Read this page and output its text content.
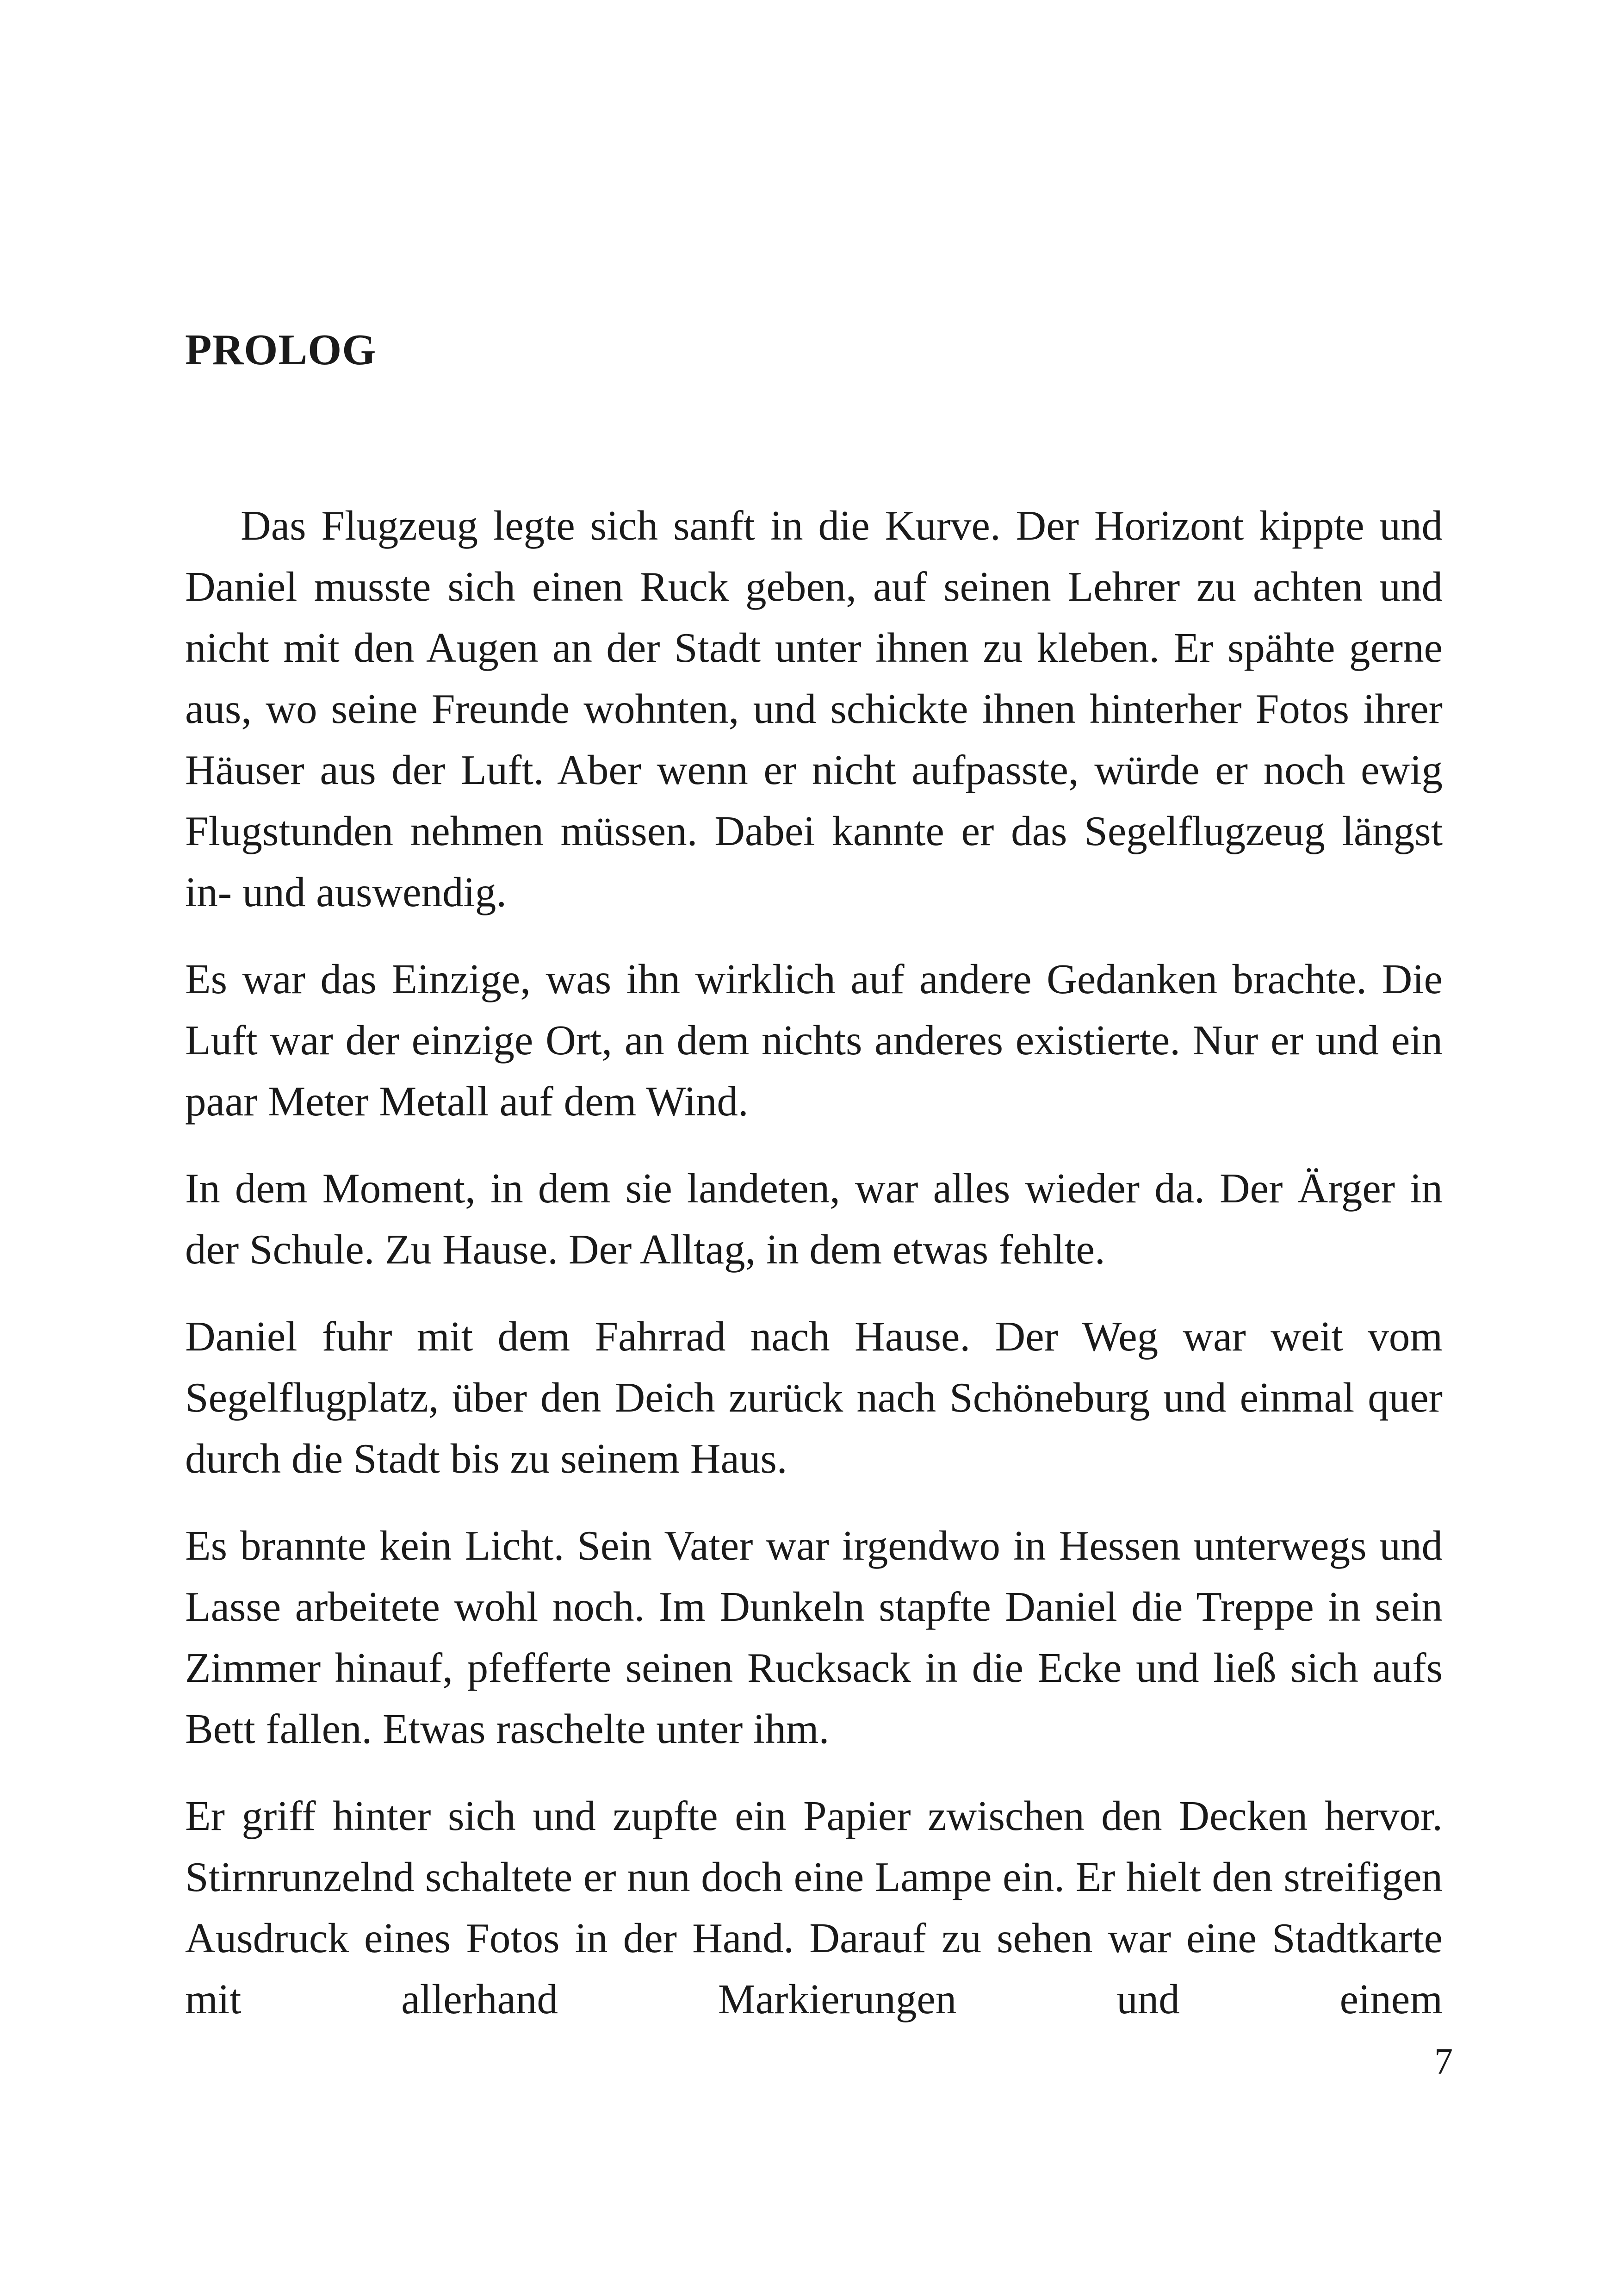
PROLOG

Das Flugzeug legte sich sanft in die Kurve. Der Horizont kippte und Daniel musste sich einen Ruck geben, auf seinen Lehrer zu achten und nicht mit den Augen an der Stadt unter ihnen zu kleben. Er spähte gerne aus, wo seine Freunde wohnten, und schickte ihnen hinterher Fotos ihrer Häuser aus der Luft. Aber wenn er nicht aufpasste, würde er noch ewig Flugstunden nehmen müssen. Dabei kannte er das Segelflugzeug längst in- und auswendig.

Es war das Einzige, was ihn wirklich auf andere Gedanken brachte. Die Luft war der einzige Ort, an dem nichts anderes existierte. Nur er und ein paar Meter Metall auf dem Wind.

In dem Moment, in dem sie landeten, war alles wieder da. Der Ärger in der Schule. Zu Hause. Der Alltag, in dem etwas fehlte.

Daniel fuhr mit dem Fahrrad nach Hause. Der Weg war weit vom Segelflugplatz, über den Deich zurück nach Schöneburg und einmal quer durch die Stadt bis zu seinem Haus.

Es brannte kein Licht. Sein Vater war irgendwo in Hessen unterwegs und Lasse arbeitete wohl noch. Im Dunkeln stapfte Daniel die Treppe in sein Zimmer hinauf, pfefferte seinen Rucksack in die Ecke und ließ sich aufs Bett fallen. Etwas raschelte unter ihm.

Er griff hinter sich und zupfte ein Papier zwischen den Decken hervor. Stirnrunzelnd schaltete er nun doch eine Lampe ein. Er hielt den streifigen Ausdruck eines Fotos in der Hand. Darauf zu sehen war eine Stadtkarte mit allerhand Markierungen und einem

7
